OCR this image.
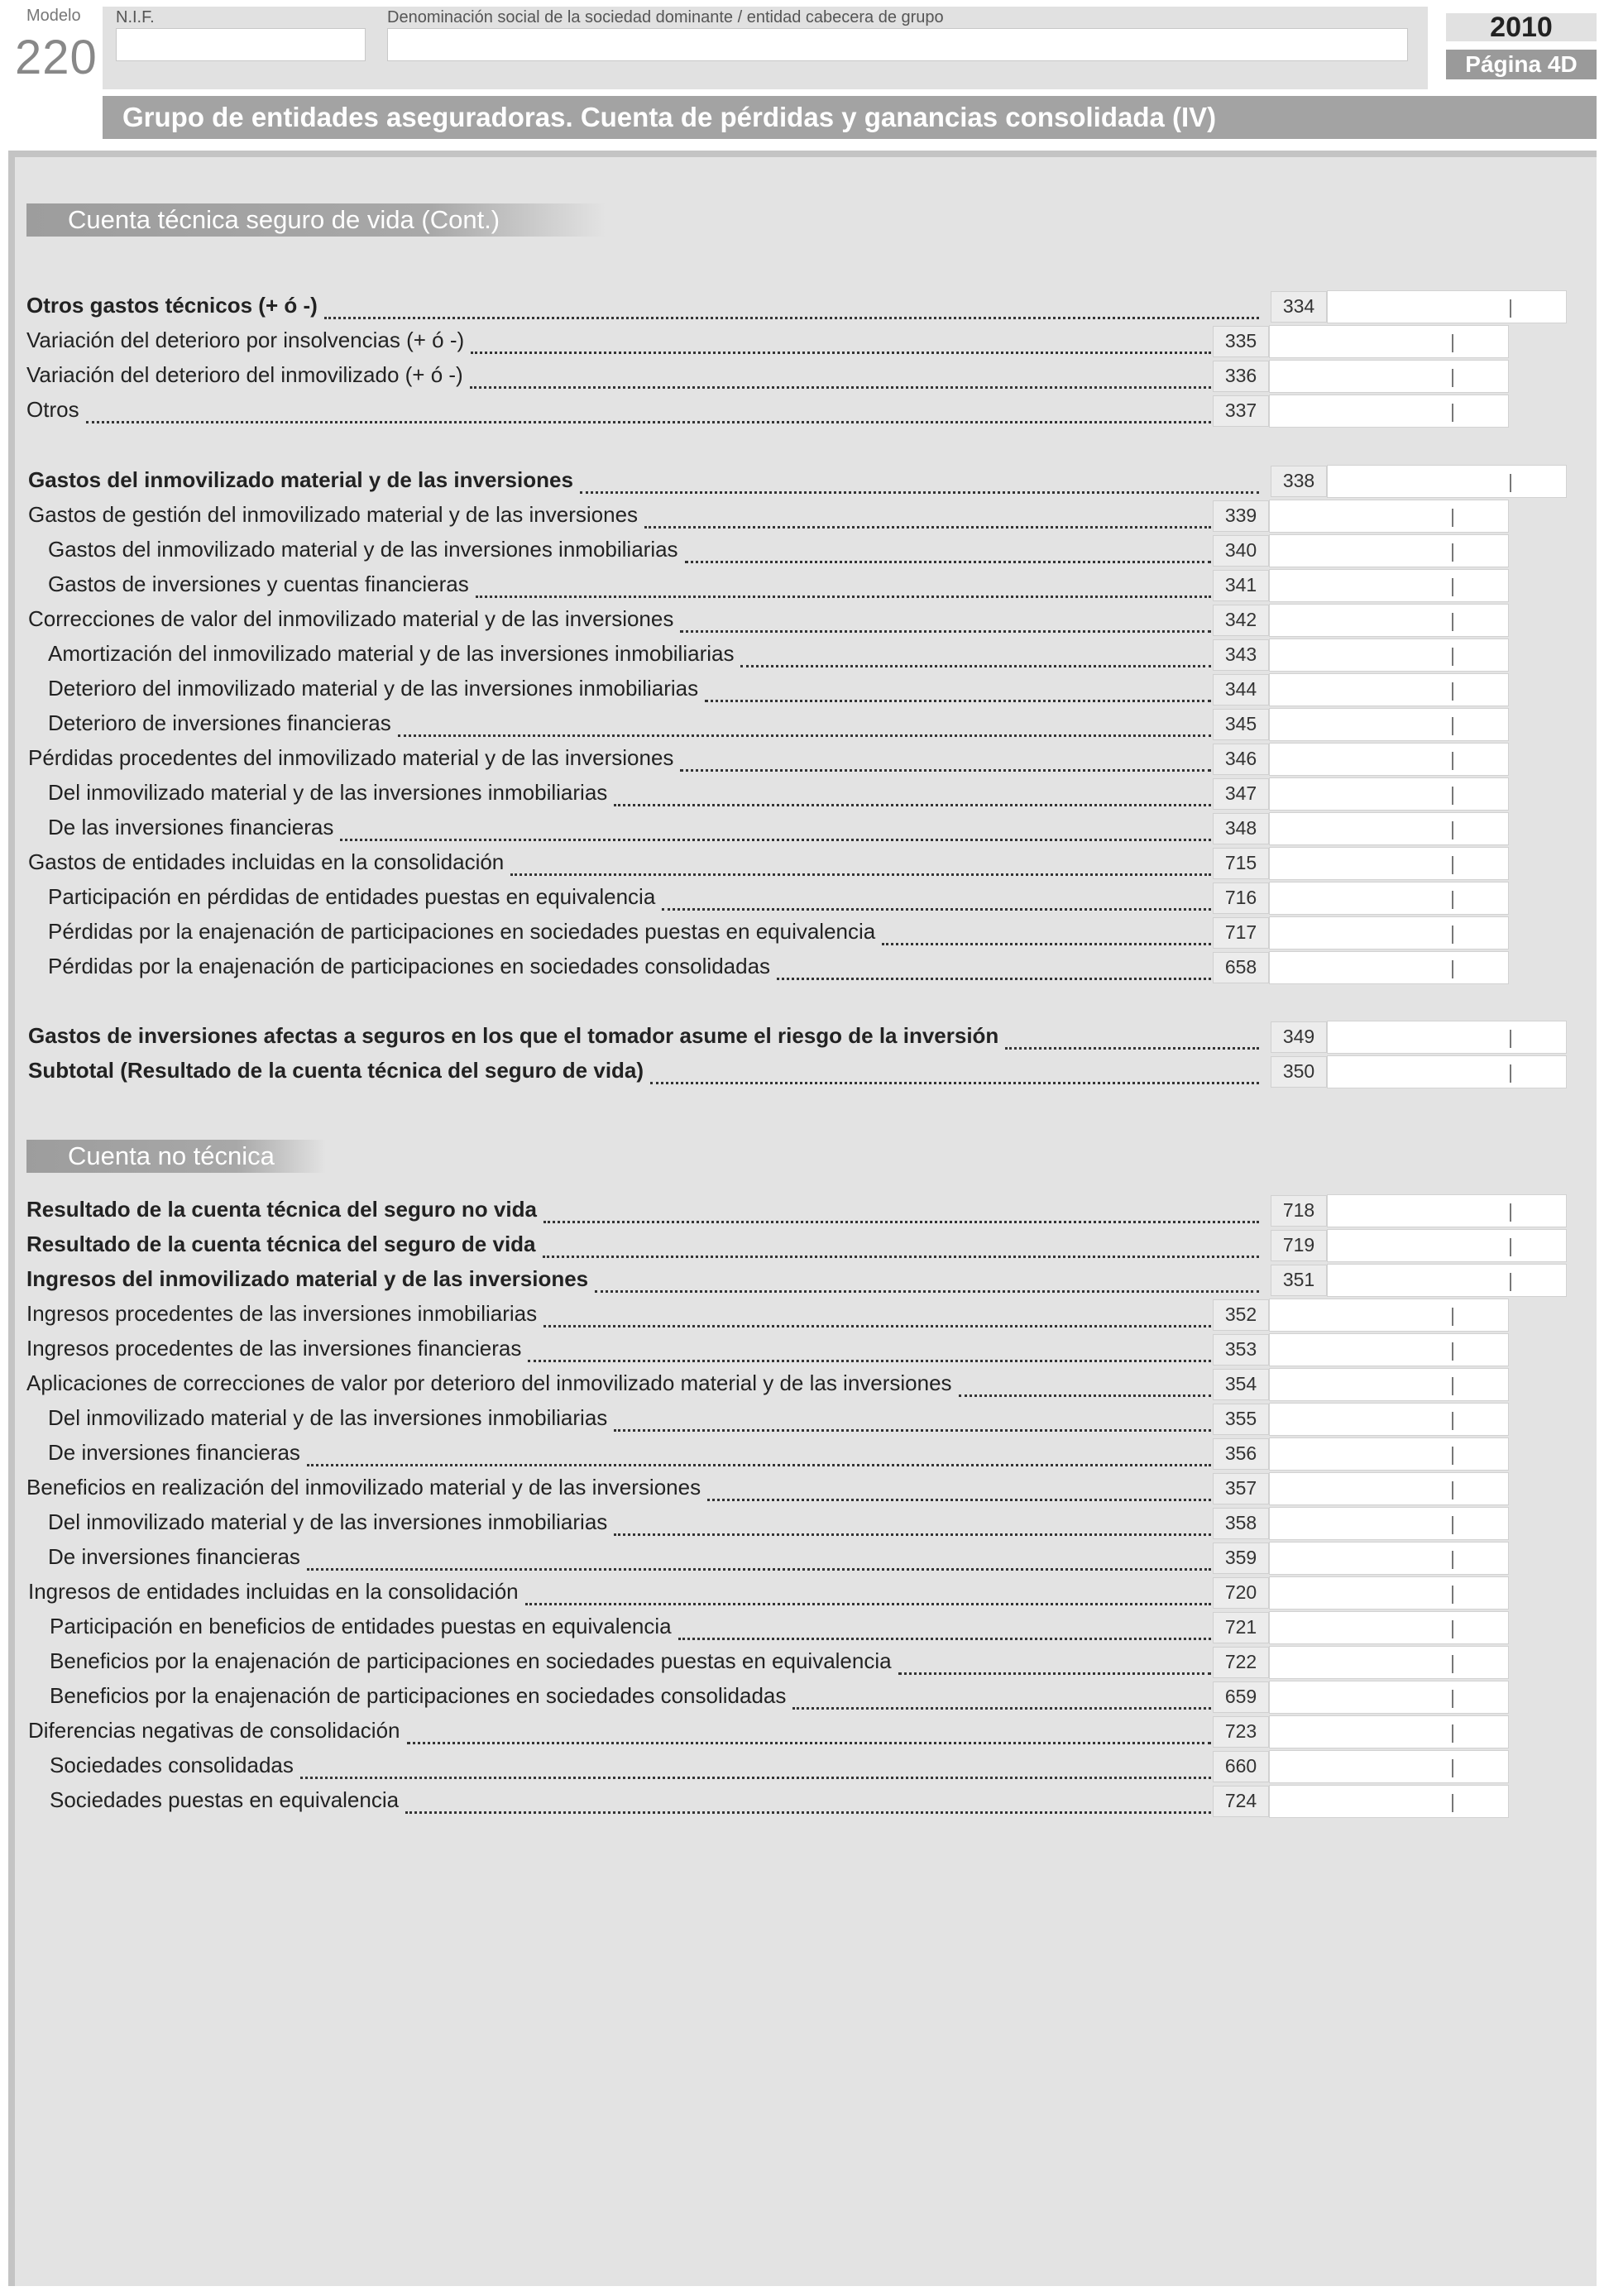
Modelo
220
N.I.F.	Denominación social de la sociedad dominante / entidad cabecera de grupo	2010
Página 4D
Grupo de entidades aseguradoras. Cuenta de pérdidas y ganancias consolidada (IV)
Cuenta técnica seguro de vida (Cont.)
Cuenta no técnica
Otros gastos técnicos (+ ó -)	334
Variación del deterioro por insolvencias (+ ó -)	335
Variación del deterioro del inmovilizado (+ ó -)	336
Otros	337
Gastos del inmovilizado material y de las inversiones	338
Gastos de gestión del inmovilizado material y de las inversiones	339
Gastos del inmovilizado material y de las inversiones inmobiliarias	340
Gastos de inversiones y cuentas financieras	341
Correcciones de valor del inmovilizado material y de las inversiones	342
Amortización del inmovilizado material y de las inversiones inmobiliarias	343
Deterioro del inmovilizado material y de las inversiones inmobiliarias	344
Deterioro de inversiones financieras	345
Pérdidas procedentes del inmovilizado material y de las inversiones	346
Del inmovilizado material y de las inversiones inmobiliarias	347
De las inversiones financieras	348
Gastos de entidades incluidas en la consolidación	715
Participación en pérdidas de entidades puestas en equivalencia	716
Pérdidas por la enajenación de participaciones en sociedades puestas en equivalencia	717
Pérdidas por la enajenación de participaciones en sociedades consolidadas	658
Gastos de inversiones afectas a seguros en los que el tomador asume el riesgo de la inversión	349
Subtotal (Resultado de la cuenta técnica del seguro de vida)	350
Resultado de la cuenta técnica del seguro no vida	718
Resultado de la cuenta técnica del seguro de vida	719
Ingresos del inmovilizado material y de las inversiones	351
Ingresos procedentes de las inversiones inmobiliarias	352
Ingresos procedentes de las inversiones financieras	353
Aplicaciones de correcciones de valor por deterioro del inmovilizado material y de las inversiones	354
Del inmovilizado material y de las inversiones inmobiliarias	355
De inversiones financieras	356
Beneficios en realización del inmovilizado material y de las inversiones	357
Del inmovilizado material y de las inversiones inmobiliarias	358
De inversiones financieras	359
Ingresos de entidades incluidas en la consolidación	720
Participación en beneficios de entidades puestas en equivalencia	721
Beneficios por la enajenación de participaciones en sociedades puestas en equivalencia	722
Beneficios por la enajenación de participaciones en sociedades consolidadas	659
Diferencias negativas de consolidación	723
Sociedades consolidadas	660
Sociedades puestas en equivalencia	724
